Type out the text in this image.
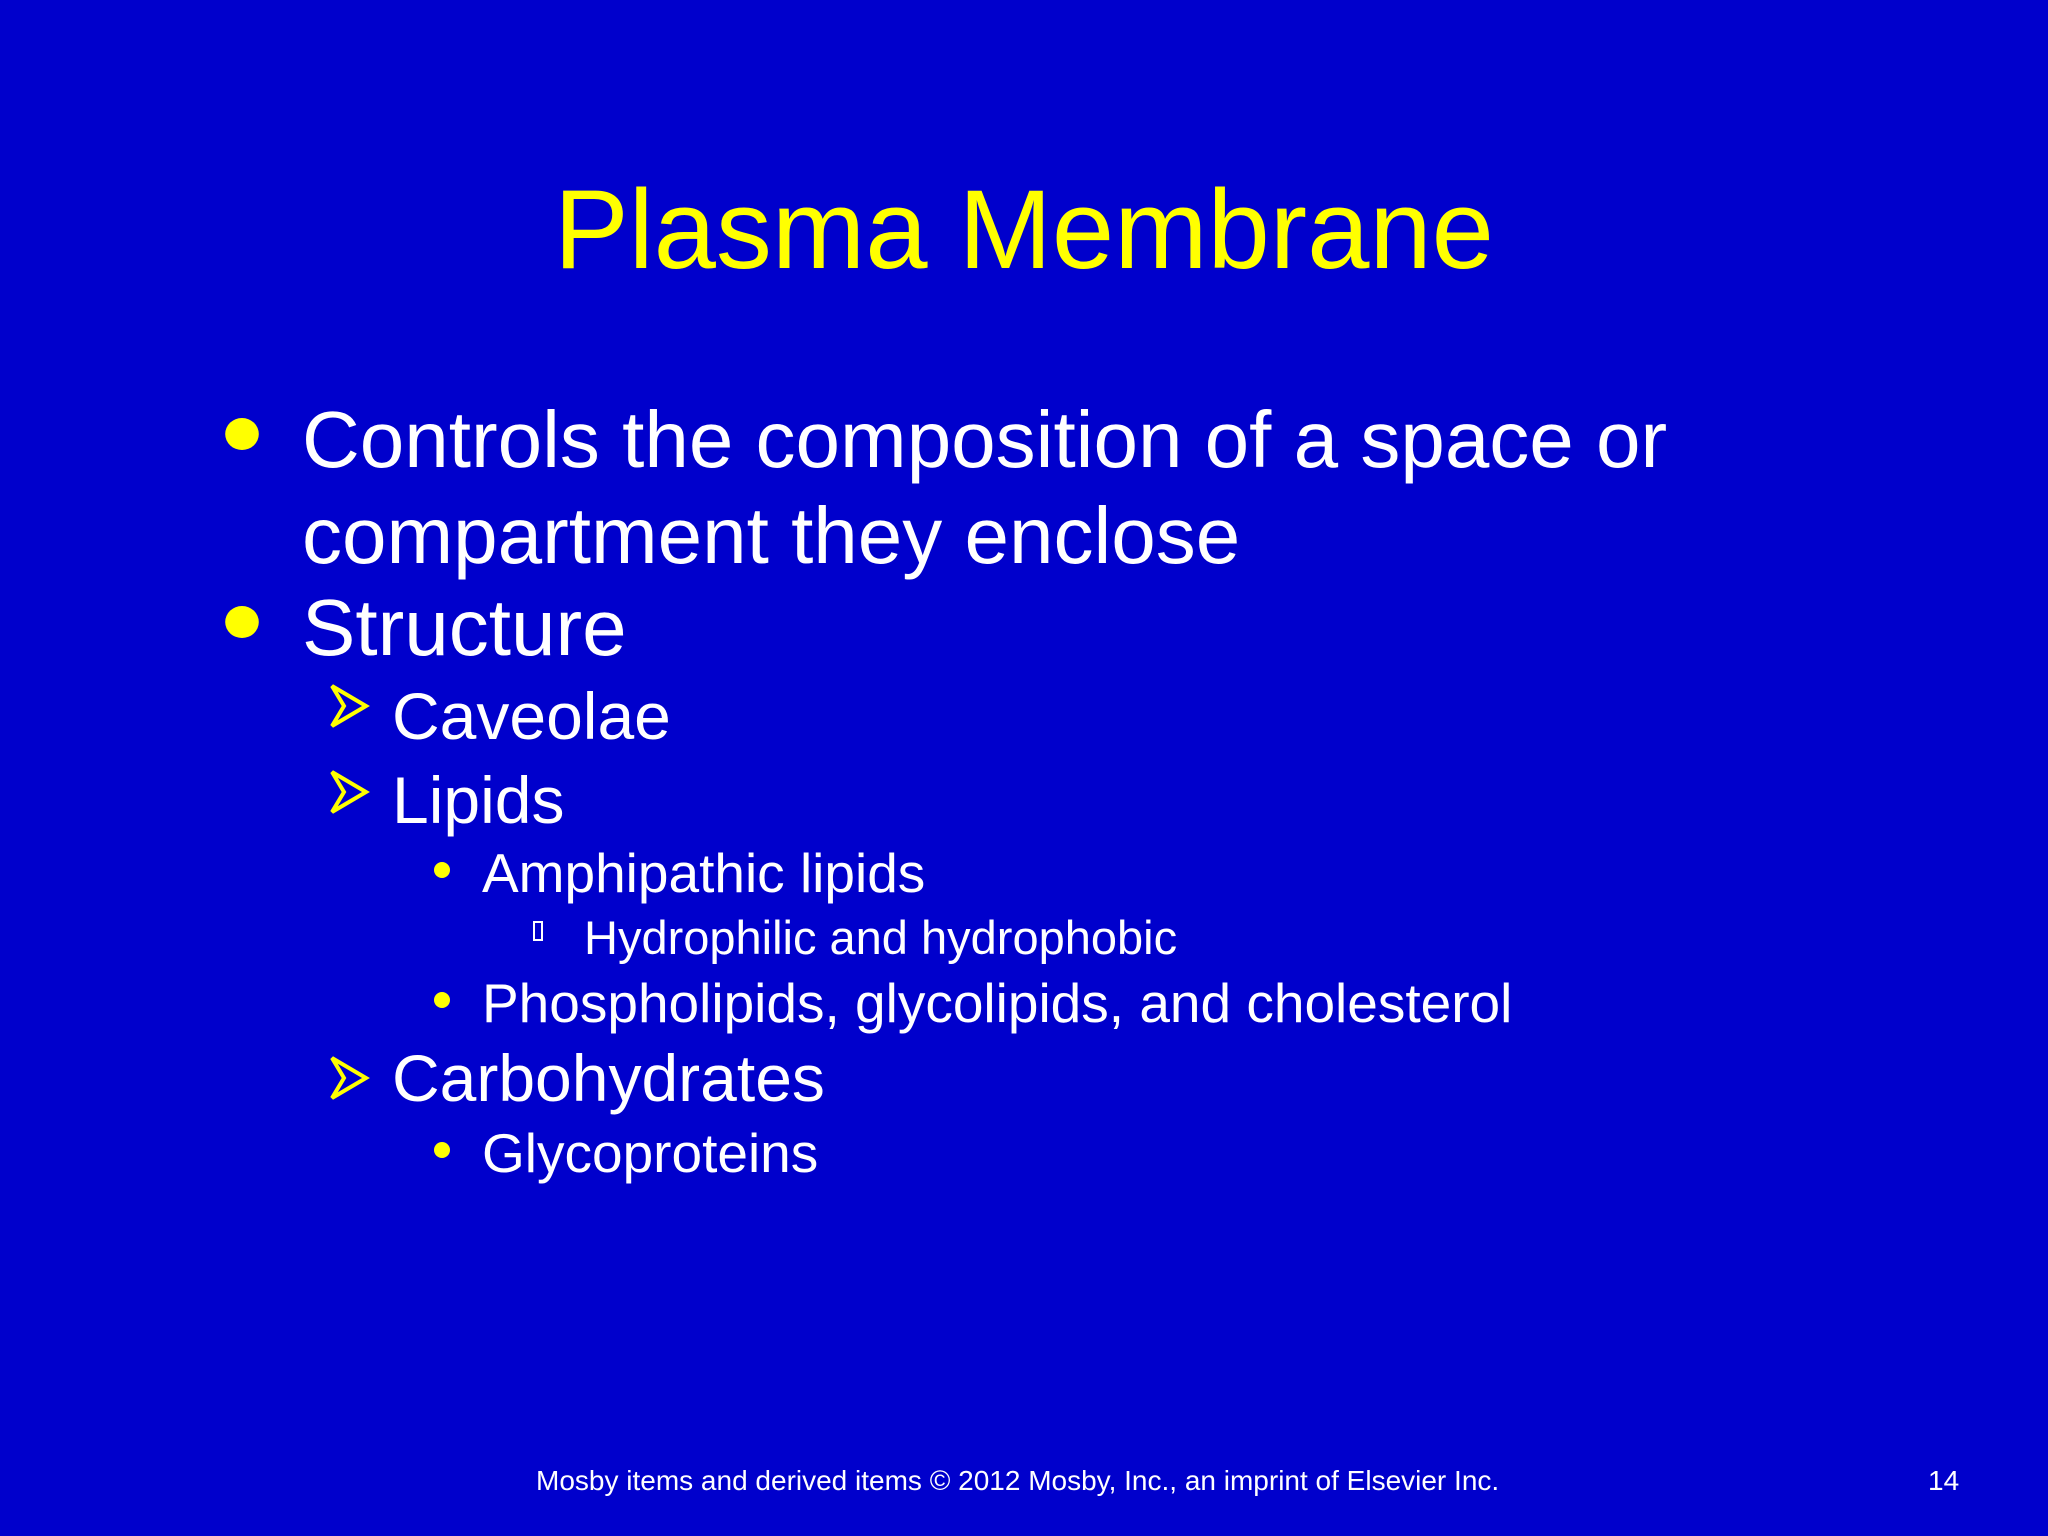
Plasma Membrane
Controls the composition of a space or
compartment they enclose
Structure
Caveolae
Lipids
Amphipathic lipids
Hydrophilic and hydrophobic
Phospholipids, glycolipids, and cholesterol
Carbohydrates
Glycoproteins
Mosby items and derived items © 2012 Mosby, Inc., an imprint of Elsevier Inc.	14
